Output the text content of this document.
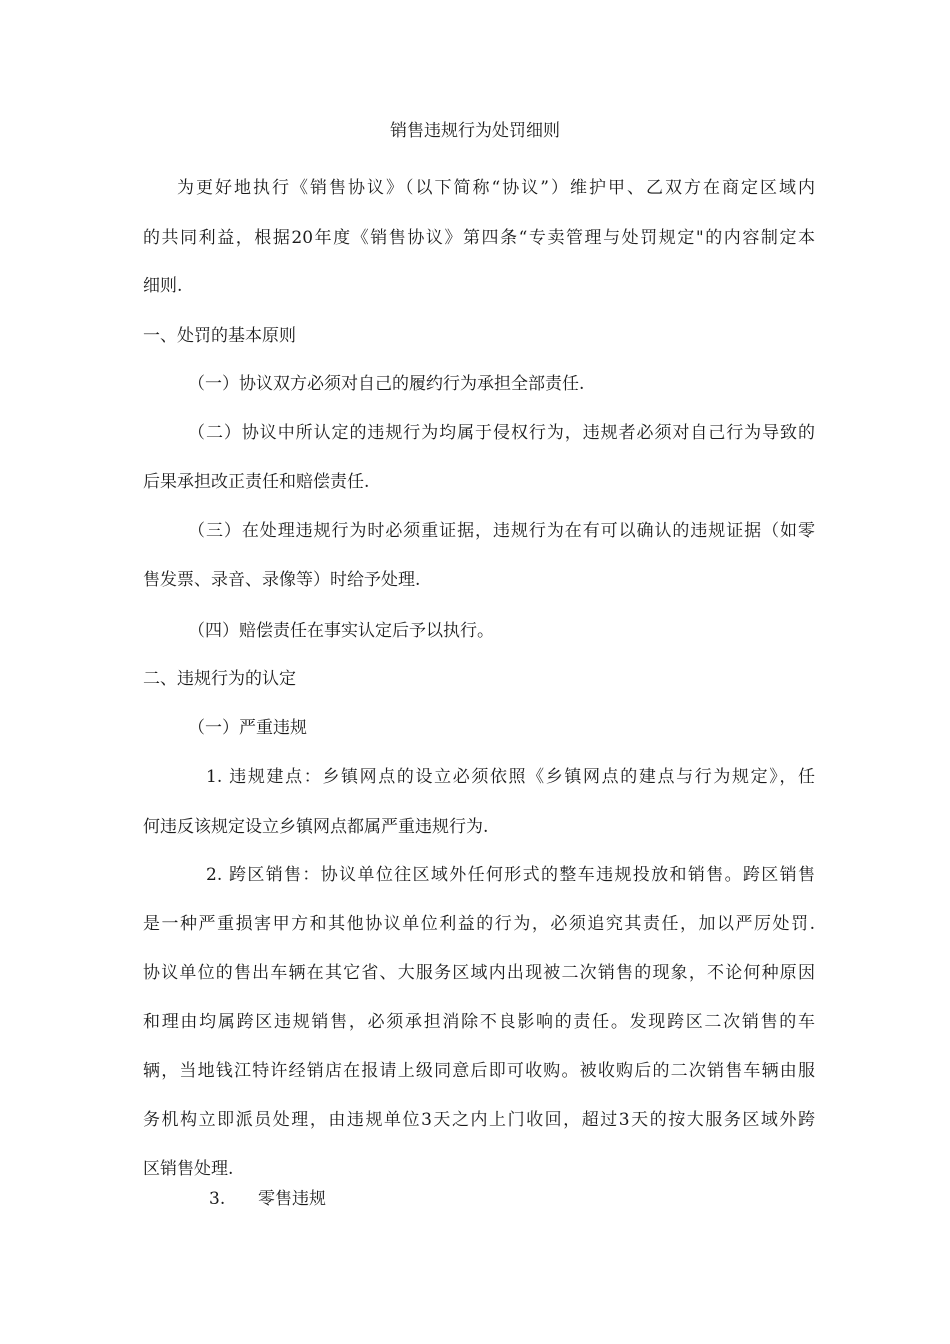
销售违规行为处罚细则
为更好地执行《销售协议》（以下简称“协议”）维护甲、乙双方在商定区域内
的共同利益，根据20年度《销售协议》第四条“专卖管理与处罚规定"的内容制定本
细则.
一、处罚的基本原则
（一）协议双方必须对自己的履约行为承担全部责任.
（二）协议中所认定的违规行为均属于侵权行为，违规者必须对自己行为导致的
后果承担改正责任和赔偿责任.
（三）在处理违规行为时必须重证据，违规行为在有可以确认的违规证据（如零
售发票、录音、录像等）时给予处理.
（四）赔偿责任在事实认定后予以执行。
二、违规行为的认定
（一）严重违规
1. 违规建点：乡镇网点的设立必须依照《乡镇网点的建点与行为规定》，任
何违反该规定设立乡镇网点都属严重违规行为.
2. 跨区销售：协议单位往区域外任何形式的整车违规投放和销售。跨区销售
是一种严重损害甲方和其他协议单位利益的行为，必须追究其责任，加以严厉处罚.
协议单位的售出车辆在其它省、大服务区域内出现被二次销售的现象，不论何种原因
和理由均属跨区违规销售，必须承担消除不良影响的责任。发现跨区二次销售的车
辆，当地钱江特许经销店在报请上级同意后即可收购。被收购后的二次销售车辆由服
务机构立即派员处理，由违规单位3天之内上门收回，超过3天的按大服务区域外跨
区销售处理.
3. 零售违规
